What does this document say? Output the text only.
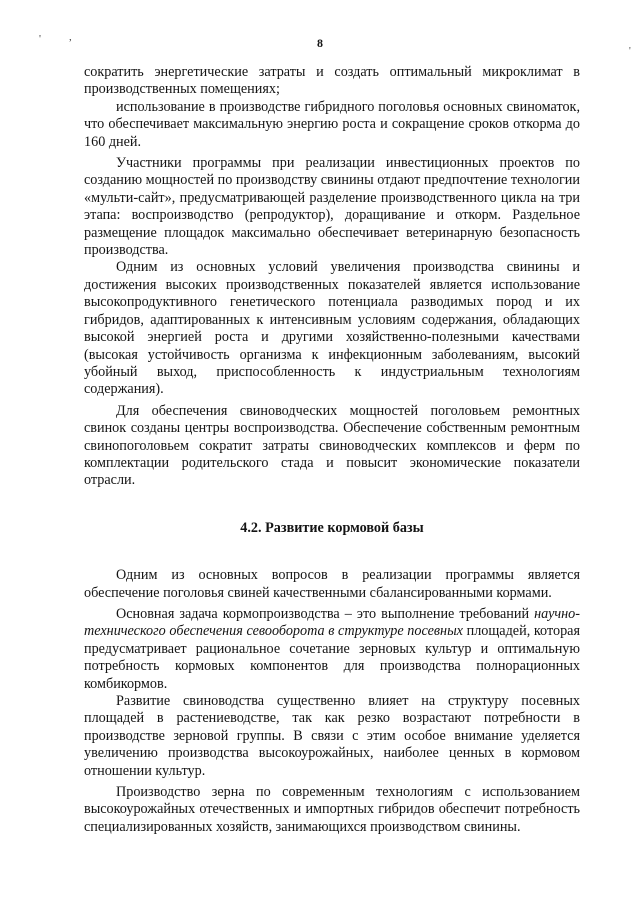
'	,
'
8

сократить энергетические затраты и создать оптимальный микроклимат в производственных помещениях;

использование в производстве гибридного поголовья основных свиноматок, что обеспечивает максимальную энергию роста и сокращение сроков откорма до 160 дней.

Участники программы при реализации инвестиционных проектов по созданию мощностей по производству свинины отдают предпочтение технологии «мульти-сайт», предусматривающей разделение производственного цикла на три этапа: воспроизводство (репродуктор), доращивание и откорм. Раздельное размещение площадок максимально обеспечивает ветеринарную безопасность производства.

Одним из основных условий увеличения производства свинины и достижения высоких производственных показателей является использование высокопродуктивного генетического потенциала разводимых пород и их гибридов, адаптированных к интенсивным условиям содержания, обладающих высокой энергией роста и другими хозяйственно-полезными качествами (высокая устойчивость организма к инфекционным заболеваниям, высокий убойный выход, приспособленность к индустриальным технологиям содержания).

Для обеспечения свиноводческих мощностей поголовьем ремонтных свинок созданы центры воспроизводства. Обеспечение собственным ремонтным свинопоголовьем сократит затраты свиноводческих комплексов и ферм по комплектации родительского стада и повысит экономические показатели отрасли.

4.2. Развитие кормовой базы

Одним из основных вопросов в реализации программы является обеспечение поголовья свиней качественными сбалансированными кормами.

Основная задача кормопроизводства – это выполнение требований научно-технического обеспечения севооборота в структуре посевных площадей, которая предусматривает рациональное сочетание зерновых культур и оптимальную потребность кормовых компонентов для производства полнорационных комбикормов.

Развитие свиноводства существенно влияет на структуру посевных площадей в растениеводстве, так как резко возрастают потребности в производстве зерновой группы. В связи с этим особое внимание уделяется увеличению производства высокоурожайных, наиболее ценных в кормовом отношении культур.

Производство зерна по современным технологиям с использованием высокоурожайных отечественных и импортных гибридов обеспечит потребность специализированных хозяйств, занимающихся производством свинины.
